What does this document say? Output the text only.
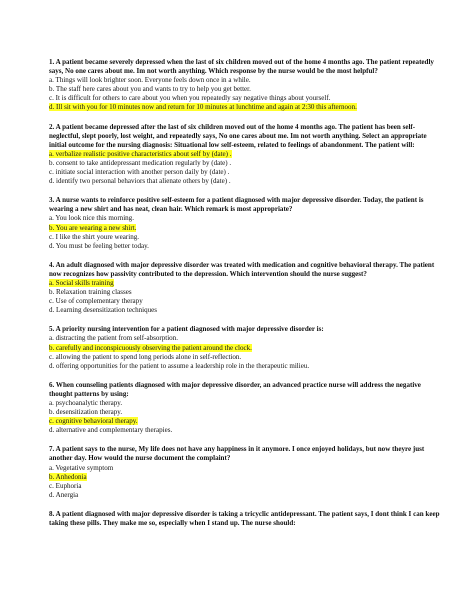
1. A patient became severely depressed when the last of six children moved out of the home 4 months ago. The patient repeatedly says, No one cares about me. Im not worth anything. Which response by the nurse would be the most helpful?

a. Things will look brighter soon. Everyone feels down once in a while.

b. The staff here cares about you and wants to try to help you get better.

c. It is difficult for others to care about you when you repeatedly say negative things about yourself.

d. Ill sit with you for 10 minutes now and return for 10 minutes at lunchtime and again at 2:30 this afternoon.

2. A patient became depressed after the last of six children moved out of the home 4 months ago. The patient has been self-neglectful, slept poorly, lost weight, and repeatedly says, No one cares about me. Im not worth anything. Select an appropriate initial outcome for the nursing diagnosis: Situational low self-esteem, related to feelings of abandonment. The patient will:

a. verbalize realistic positive characteristics about self by (date) .

b. consent to take antidepressant medication regularly by (date) .

c. initiate social interaction with another person daily by (date) .

d. identify two personal behaviors that alienate others by (date) .

3. A nurse wants to reinforce positive self-esteem for a patient diagnosed with major depressive disorder. Today, the patient is wearing a new shirt and has neat, clean hair. Which remark is most appropriate?

a. You look nice this morning.

b. You are wearing a new shirt.

c. I like the shirt youre wearing.

d. You must be feeling better today.

4. An adult diagnosed with major depressive disorder was treated with medication and cognitive behavioral therapy. The patient now recognizes how passivity contributed to the depression. Which intervention should the nurse suggest?

a. Social skills training

b. Relaxation training classes

c. Use of complementary therapy

d. Learning desensitization techniques

5. A priority nursing intervention for a patient diagnosed with major depressive disorder is:

a. distracting the patient from self-absorption.

b. carefully and inconspicuously observing the patient around the clock.

c. allowing the patient to spend long periods alone in self-reflection.

d. offering opportunities for the patient to assume a leadership role in the therapeutic milieu.

6. When counseling patients diagnosed with major depressive disorder, an advanced practice nurse will address the negative thought patterns by using:

a. psychoanalytic therapy.

b. desensitization therapy.

c. cognitive behavioral therapy.

d. alternative and complementary therapies.

7. A patient says to the nurse, My life does not have any happiness in it anymore. I once enjoyed holidays, but now theyre just another day. How would the nurse document the complaint?

a. Vegetative symptom

b. Anhedonia

c. Euphoria

d. Anergia

8. A patient diagnosed with major depressive disorder is taking a tricyclic antidepressant. The patient says, I dont think I can keep taking these pills. They make me so, especially when I stand up. The nurse should:
